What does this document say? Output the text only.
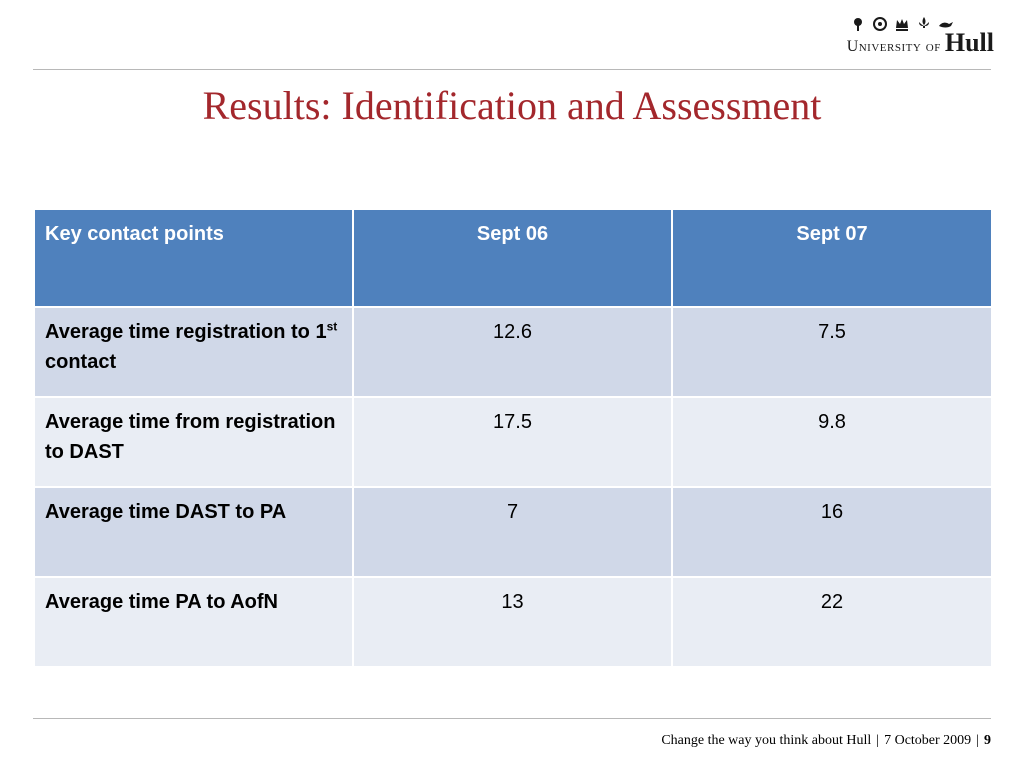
University of Hull
Results: Identification and Assessment
Key contact points	Sept 06	Sept 07
Average time registration to 1st contact	12.6	7.5
Average time from registration to DAST	17.5	9.8
Average time DAST to PA	7	16
Average time PA to AofN	13	22
Change the way you think about Hull | 7 October 2009 | 9
